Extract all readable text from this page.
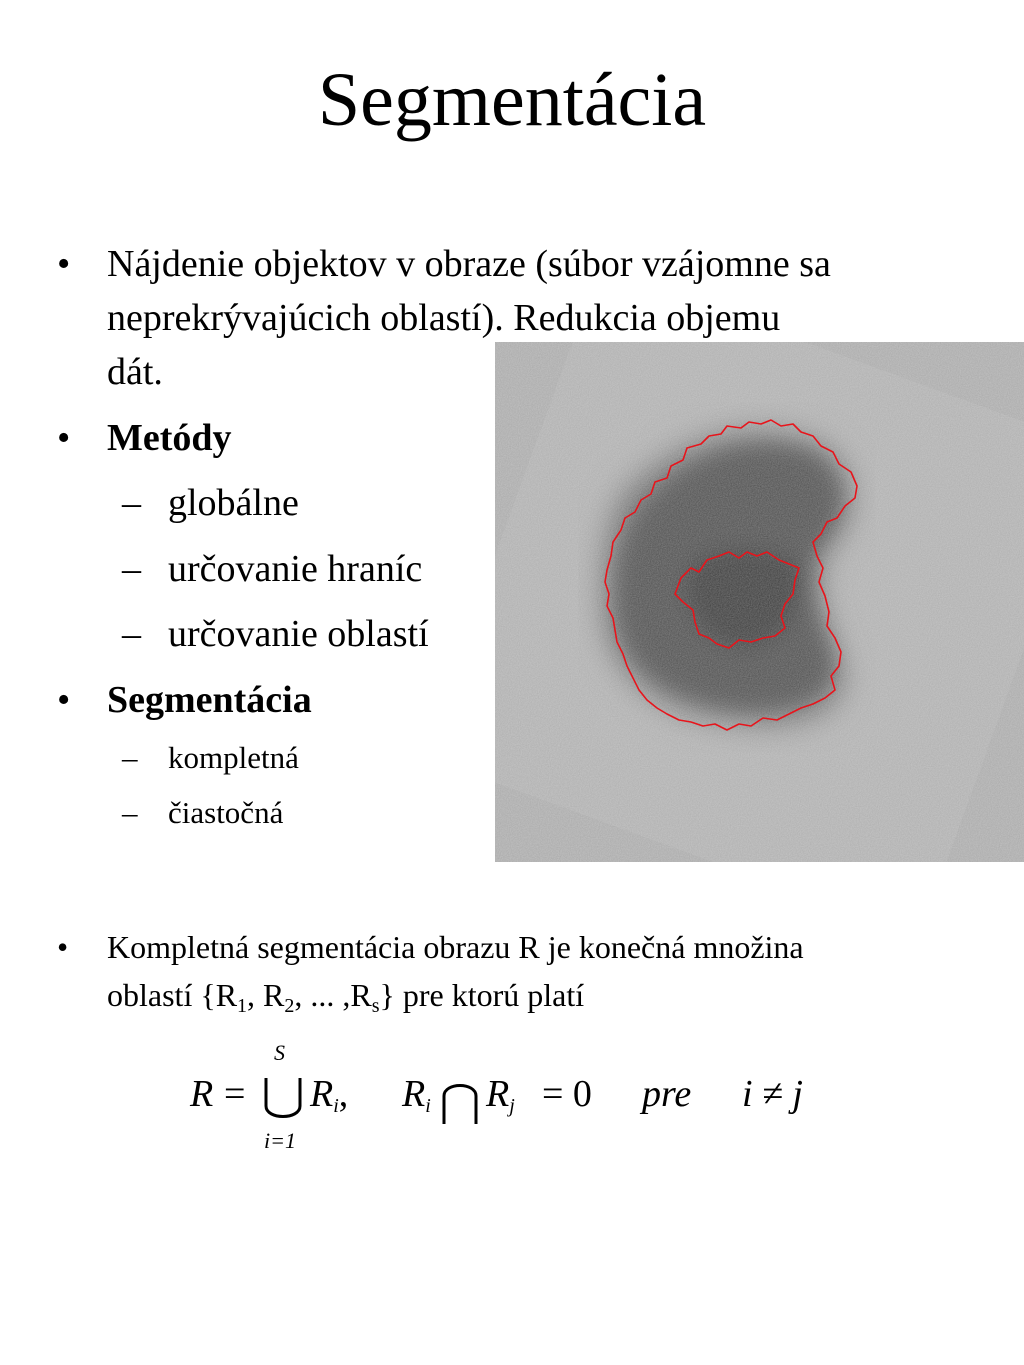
Segmentácia
• Nájdenie objektov v obraze (súbor vzájomne sa
neprekrývajúcich oblastí). Redukcia objemu
dát.
• Metódy
– globálne
– určovanie hraníc
– určovanie oblastí
• Segmentácia
– kompletná
– čiastočná
• Kompletná segmentácia obrazu R je konečná množina
oblastí {$R_1$, $R_2$, ... $,R_s$} pre ktorú platí
R =
S
i=1
$R_i$, $R_i$ $R_j = 0$ pre i ≠ j
